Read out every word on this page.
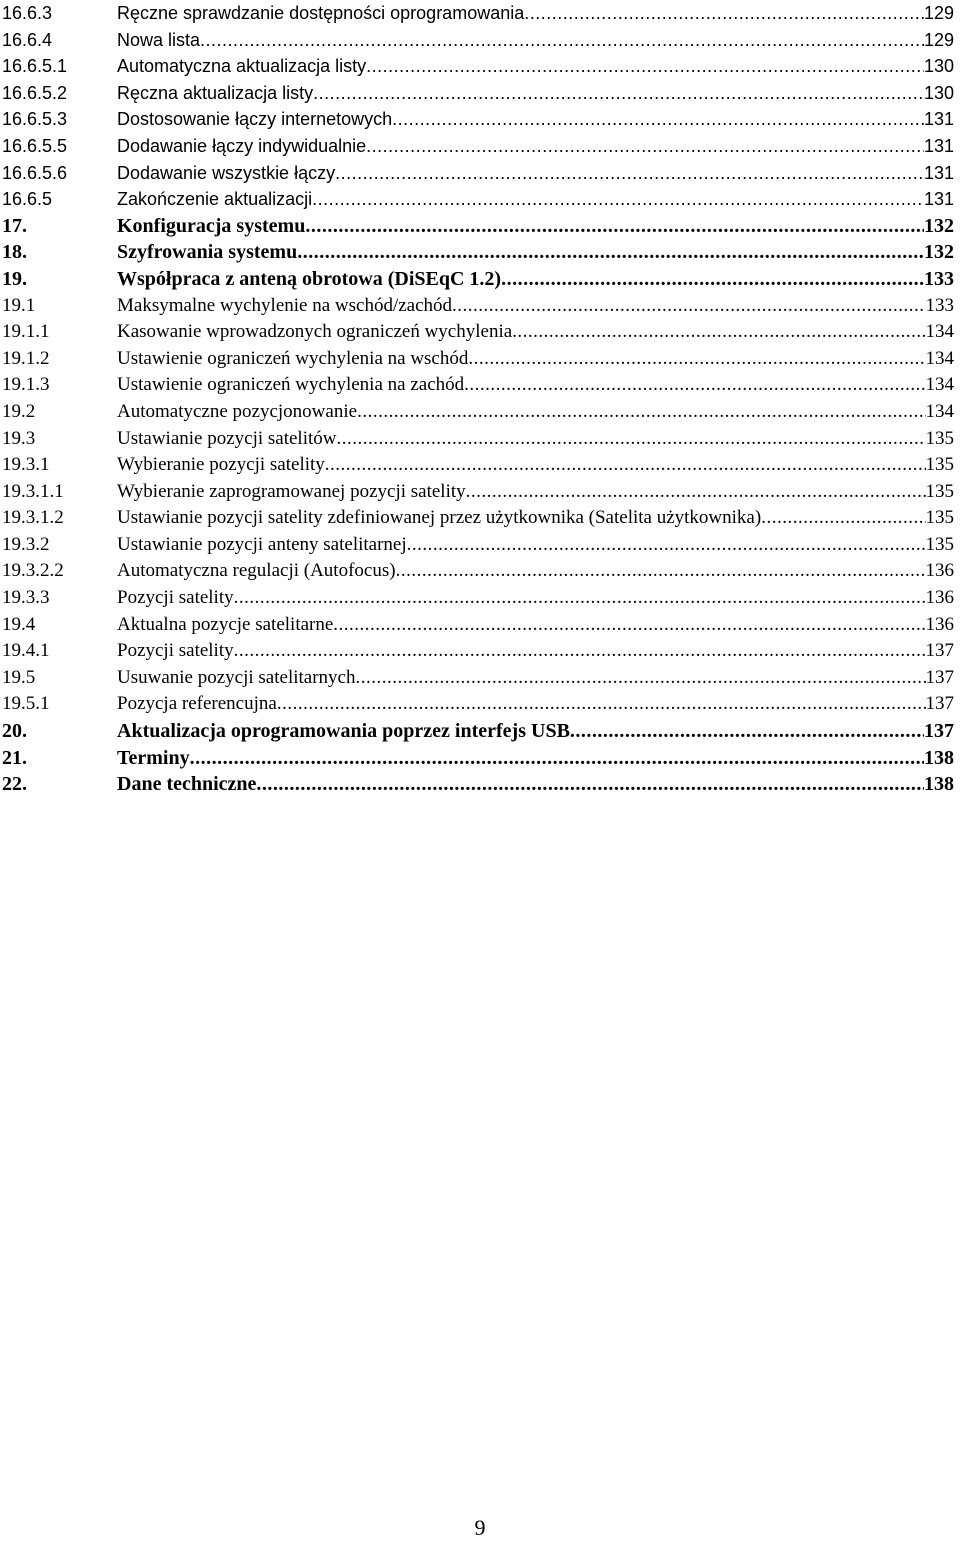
16.6.3	Ręczne sprawdzanie dostępności oprogramowania .....	129
16.6.4	Nowa lista .....	129
16.6.5.1	Automatyczna aktualizacja listy .....	130
16.6.5.2	Ręczna aktualizacja listy .....	130
16.6.5.3	Dostosowanie łączy internetowych .....	131
16.6.5.5	Dodawanie łączy indywidualnie .....	131
16.6.5.6	Dodawanie wszystkie łączy .....	131
16.6.5	Zakończenie aktualizacji .....	131
17.	Konfiguracja systemu .....	132
18.	Szyfrowania systemu .....	132
19.	Współpraca z anteną obrotowa (DiSEqC 1.2) .....	133
19.1	Maksymalne wychylenie na wschód/zachód .....	133
19.1.1	Kasowanie wprowadzonych ograniczeń wychylenia .....	134
19.1.2	Ustawienie ograniczeń wychylenia na wschód .....	134
19.1.3	Ustawienie ograniczeń wychylenia na zachód .....	134
19.2	Automatyczne pozycjonowanie .....	134
19.3	Ustawianie pozycji satelitów .....	135
19.3.1	Wybieranie pozycji satelity .....	135
19.3.1.1	Wybieranie zaprogramowanej pozycji satelity .....	135
19.3.1.2	Ustawianie pozycji satelity zdefiniowanej przez użytkownika (Satelita użytkownika) .....	135
19.3.2	Ustawianie pozycji anteny satelitarnej .....	135
19.3.2.2	Automatyczna regulacji (Autofocus) .....	136
19.3.3	Pozycji satelity .....	136
19.4	Aktualna pozycje satelitarne .....	136
19.4.1	Pozycji satelity .....	137
19.5	Usuwanie pozycji satelitarnych .....	137
19.5.1	Pozycja referencujna .....	137
20.	Aktualizacja oprogramowania poprzez interfejs USB .....	137
21.	Terminy .....	138
22.	Dane techniczne .....	138
9
